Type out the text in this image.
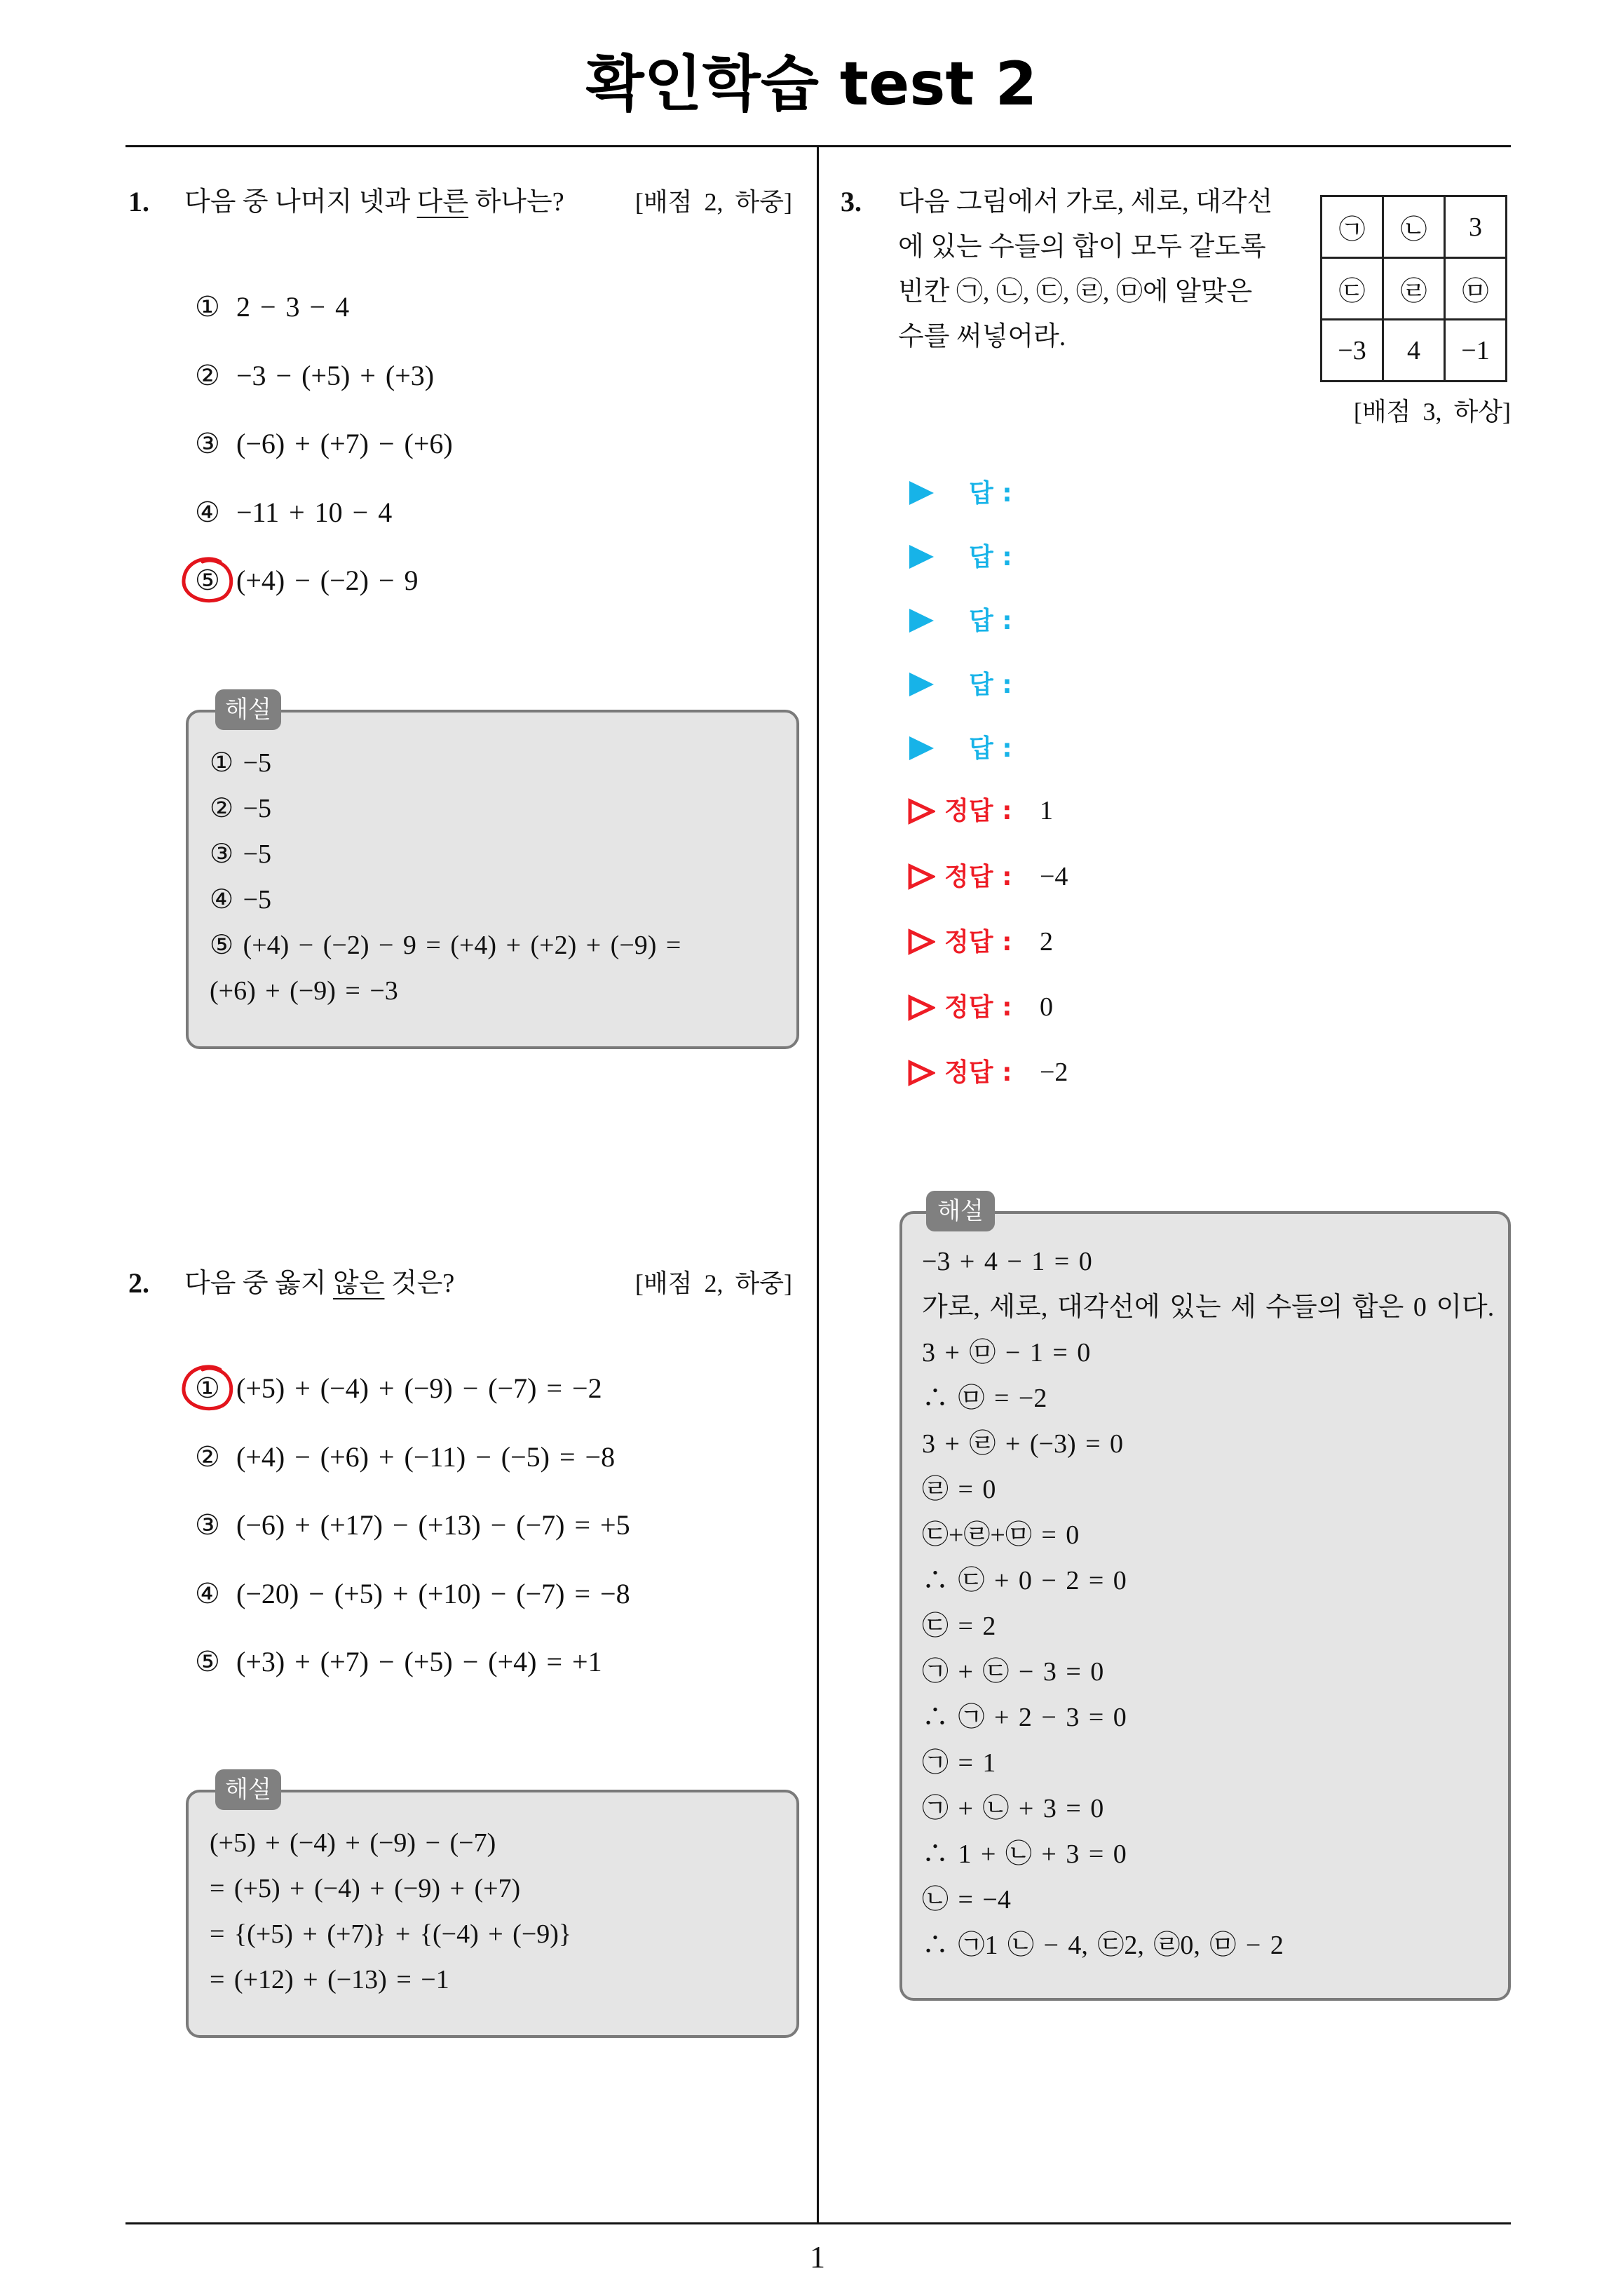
확인학습 test 2
1. 다음 중 나머지 넷과 다른 하나는?	[배점 2, 하중]
① 2 − 3 − 4
② −3 − (+5) + (+3)
③ (−6) + (+7) − (+6)
④ −11 + 10 − 4
⑤ (+4) − (−2) − 9
① −5
② −5
③ −5
④ −5
⑤ (+4) − (−2) − 9 = (+4) + (+2) + (−9) =
(+6) + (−9) = −3
해설
2. 다음 중 옳지 않은 것은?	[배점 2, 하중]
① (+5) + (−4) + (−9) − (−7) = −2
② (+4) − (+6) + (−11) − (−5) = −8
③ (−6) + (+17) − (+13) − (−7) = +5
④ (−20) − (+5) + (+10) − (−7) = −8
⑤ (+3) + (+7) − (+5) − (+4) = +1
(+5) + (−4) + (−9) − (−7)
= (+5) + (−4) + (−9) + (+7)
= {(+5) + (+7)} + {(−4) + (−9)}
= (+12) + (−13) = −1
해설
3. 다음 그림에서 가로, 세로, 대각선
에 있는 수들의 합이 모두 같도록
빈칸 ㉠, ㉡, ㉢, ㉣, ㉤에 알맞은
수를 써넣어라.
㉠	㉡	3
㉢	㉣	㉤
−3	4	−1
[배점 3, 하상]
답 :
답 :
답 :
답 :
답 :
정답 : 1
정답 : −4
정답 : 2
정답 : 0
정답 : −2
−3 + 4 − 1 = 0
가로, 세로, 대각선에 있는 세 수들의 합은 0 이다.
3 + ㉤ − 1 = 0
∴ ㉤ = −2
3 + ㉣ + (−3) = 0
㉣ = 0
㉢+㉣+㉤ = 0
∴ ㉢ + 0 − 2 = 0
㉢ = 2
㉠ + ㉢ − 3 = 0
∴ ㉠ + 2 − 3 = 0
㉠ = 1
㉠ + ㉡ + 3 = 0
∴ 1 + ㉡ + 3 = 0
㉡ = −4
∴ ㉠1 ㉡ − 4, ㉢2, ㉣0, ㉤ − 2
해설
1
